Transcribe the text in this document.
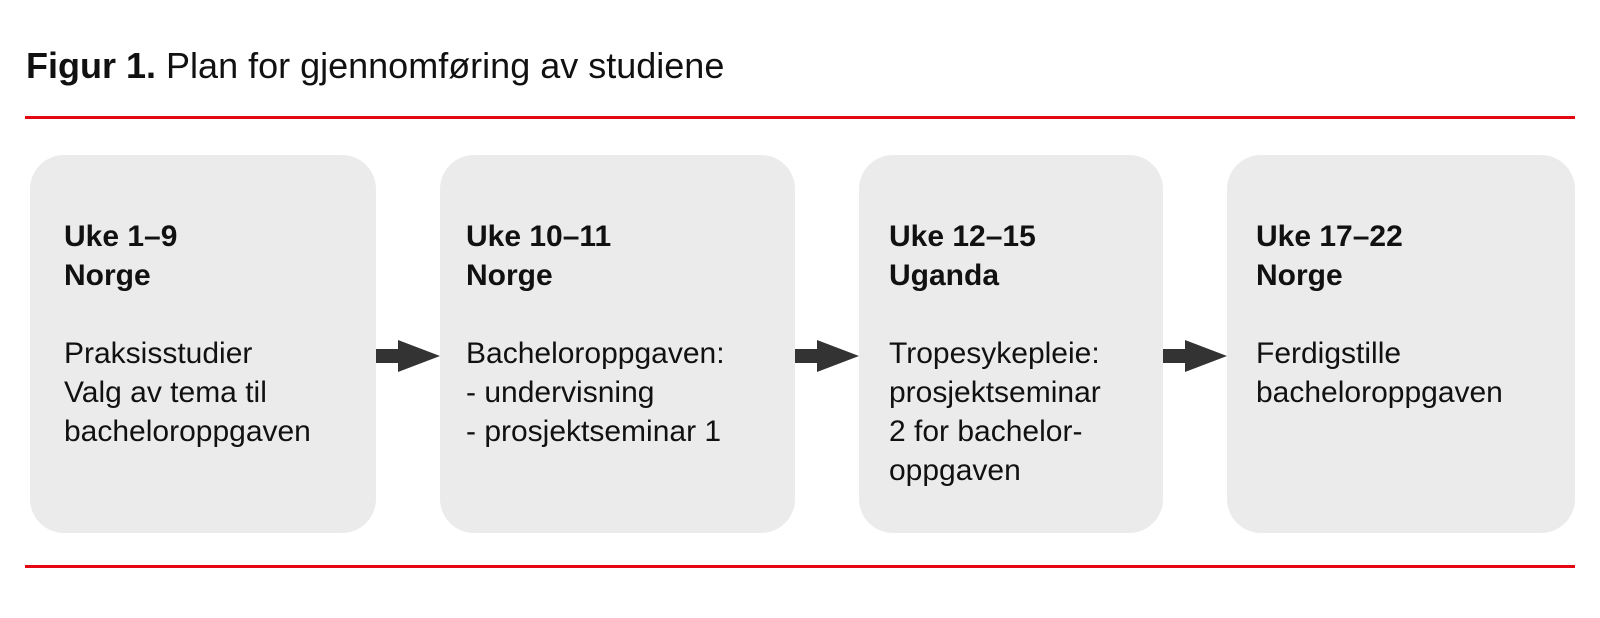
Figur 1. Plan for gjennomføring av studiene
Uke 1–9
Norge
Praksisstudier
Valg av tema til
bacheloroppgaven
Uke 10–11
Norge
Bacheloroppgaven:
- undervisning
- prosjektseminar 1
Uke 12–15
Uganda
Tropesykepleie:
prosjektseminar
2 for bachelor-
oppgaven
Uke 17–22
Norge
Ferdigstille
bacheloroppgaven
